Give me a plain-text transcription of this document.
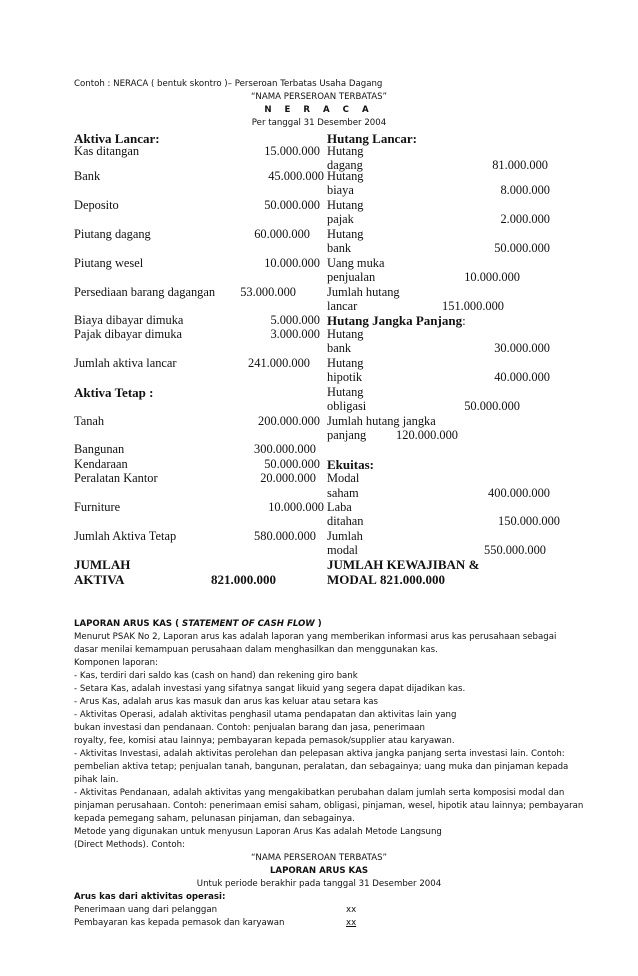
Contoh : NERACA ( bentuk skontro )– Perseroan Terbatas Usaha Dagang
“NAMA PERSEROAN TERBATAS”
N E R A C A
Per tanggal 31 Desember 2004
Aktiva Lancar:
Kas ditangan	15.000.000
Bank	45.000.000
Deposito	50.000.000
Piutang dagang	60.000.000
Piutang wesel	10.000.000
Persediaan barang dagangan	53.000.000
Biaya dibayar dimuka	5.000.000
Pajak dibayar dimuka	3.000.000
Jumlah aktiva lancar	241.000.000
Aktiva Tetap :
Tanah	200.000.000
Bangunan	300.000.000
Kendaraan	50.000.000
Peralatan Kantor	20.000.000
Furniture	10.000.000
Jumlah Aktiva Tetap	580.000.000
JUMLAH
AKTIVA	821.000.000
Hutang Lancar:
Hutang
dagang	81.000.000
Hutang
biaya	8.000.000
Hutang
pajak	2.000.000
Hutang
bank	50.000.000
Uang muka
penjualan	10.000.000
Jumlah hutang
lancar	151.000.000
Hutang Jangka Panjang:
Hutang
bank	30.000.000
Hutang
hipotik	40.000.000
Hutang
obligasi	50.000.000
Jumlah hutang jangka
panjang	120.000.000
Ekuitas:
Modal
saham	400.000.000
Laba
ditahan	150.000.000
Jumlah
modal	550.000.000
JUMLAH KEWAJIBAN &
MODAL 821.000.000
LAPORAN ARUS KAS ( STATEMENT OF CASH FLOW )
Menurut PSAK No 2, Laporan arus kas adalah laporan yang memberikan informasi arus kas perusahaan sebagai
dasar menilai kemampuan perusahaan dalam menghasilkan dan menggunakan kas.
Komponen laporan:
- Kas, terdiri dari saldo kas (cash on hand) dan rekening giro bank
- Setara Kas, adalah investasi yang sifatnya sangat likuid yang segera dapat dijadikan kas.
- Arus Kas, adalah arus kas masuk dan arus kas keluar atau setara kas
- Aktivitas Operasi, adalah aktivitas penghasil utama pendapatan dan aktivitas lain yang
bukan investasi dan pendanaan. Contoh: penjualan barang dan jasa, penerimaan
royalty, fee, komisi atau lainnya; pembayaran kepada pemasok/supplier atau karyawan.
- Aktivitas Investasi, adalah aktivitas perolehan dan pelepasan aktiva jangka panjang serta investasi lain. Contoh:
pembelian aktiva tetap; penjualan tanah, bangunan, peralatan, dan sebagainya; uang muka dan pinjaman kepada
pihak lain.
- Aktivitas Pendanaan, adalah aktivitas yang mengakibatkan perubahan dalam jumlah serta komposisi modal dan
pinjaman perusahaan. Contoh: penerimaan emisi saham, obligasi, pinjaman, wesel, hipotik atau lainnya; pembayaran
kepada pemegang saham, pelunasan pinjaman, dan sebagainya.
Metode yang digunakan untuk menyusun Laporan Arus Kas adalah Metode Langsung
(Direct Methods). Contoh:
“NAMA PERSEROAN TERBATAS”
LAPORAN ARUS KAS
Untuk periode berakhir pada tanggal 31 Desember 2004
Arus kas dari aktivitas operasi:
Penerimaan uang dari pelanggan	xx
Pembayaran kas kepada pemasok dan karyawan	xx
